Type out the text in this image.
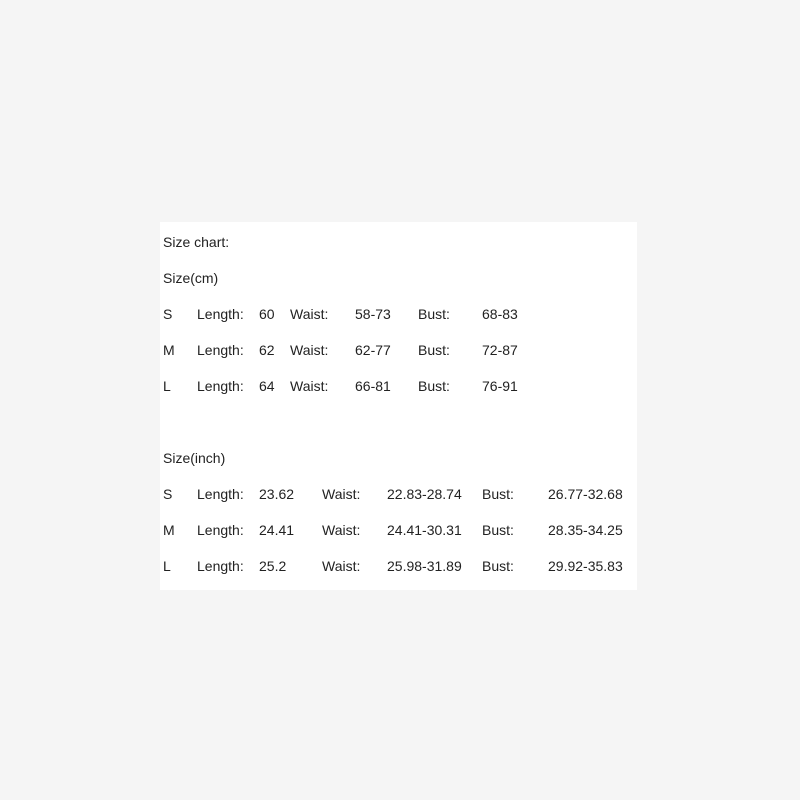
Size chart:
Size(cm)
S	Length:	60	Waist:	58-73	Bust:	68-83
M	Length:	62	Waist:	62-77	Bust:	72-87
L	Length:	64	Waist:	66-81	Bust:	76-91
Size(inch)
S	Length:	23.62	Waist:	22.83-28.74	Bust:	26.77-32.68
M	Length:	24.41	Waist:	24.41-30.31	Bust:	28.35-34.25
L	Length:	25.2	Waist:	25.98-31.89	Bust:	29.92-35.83
